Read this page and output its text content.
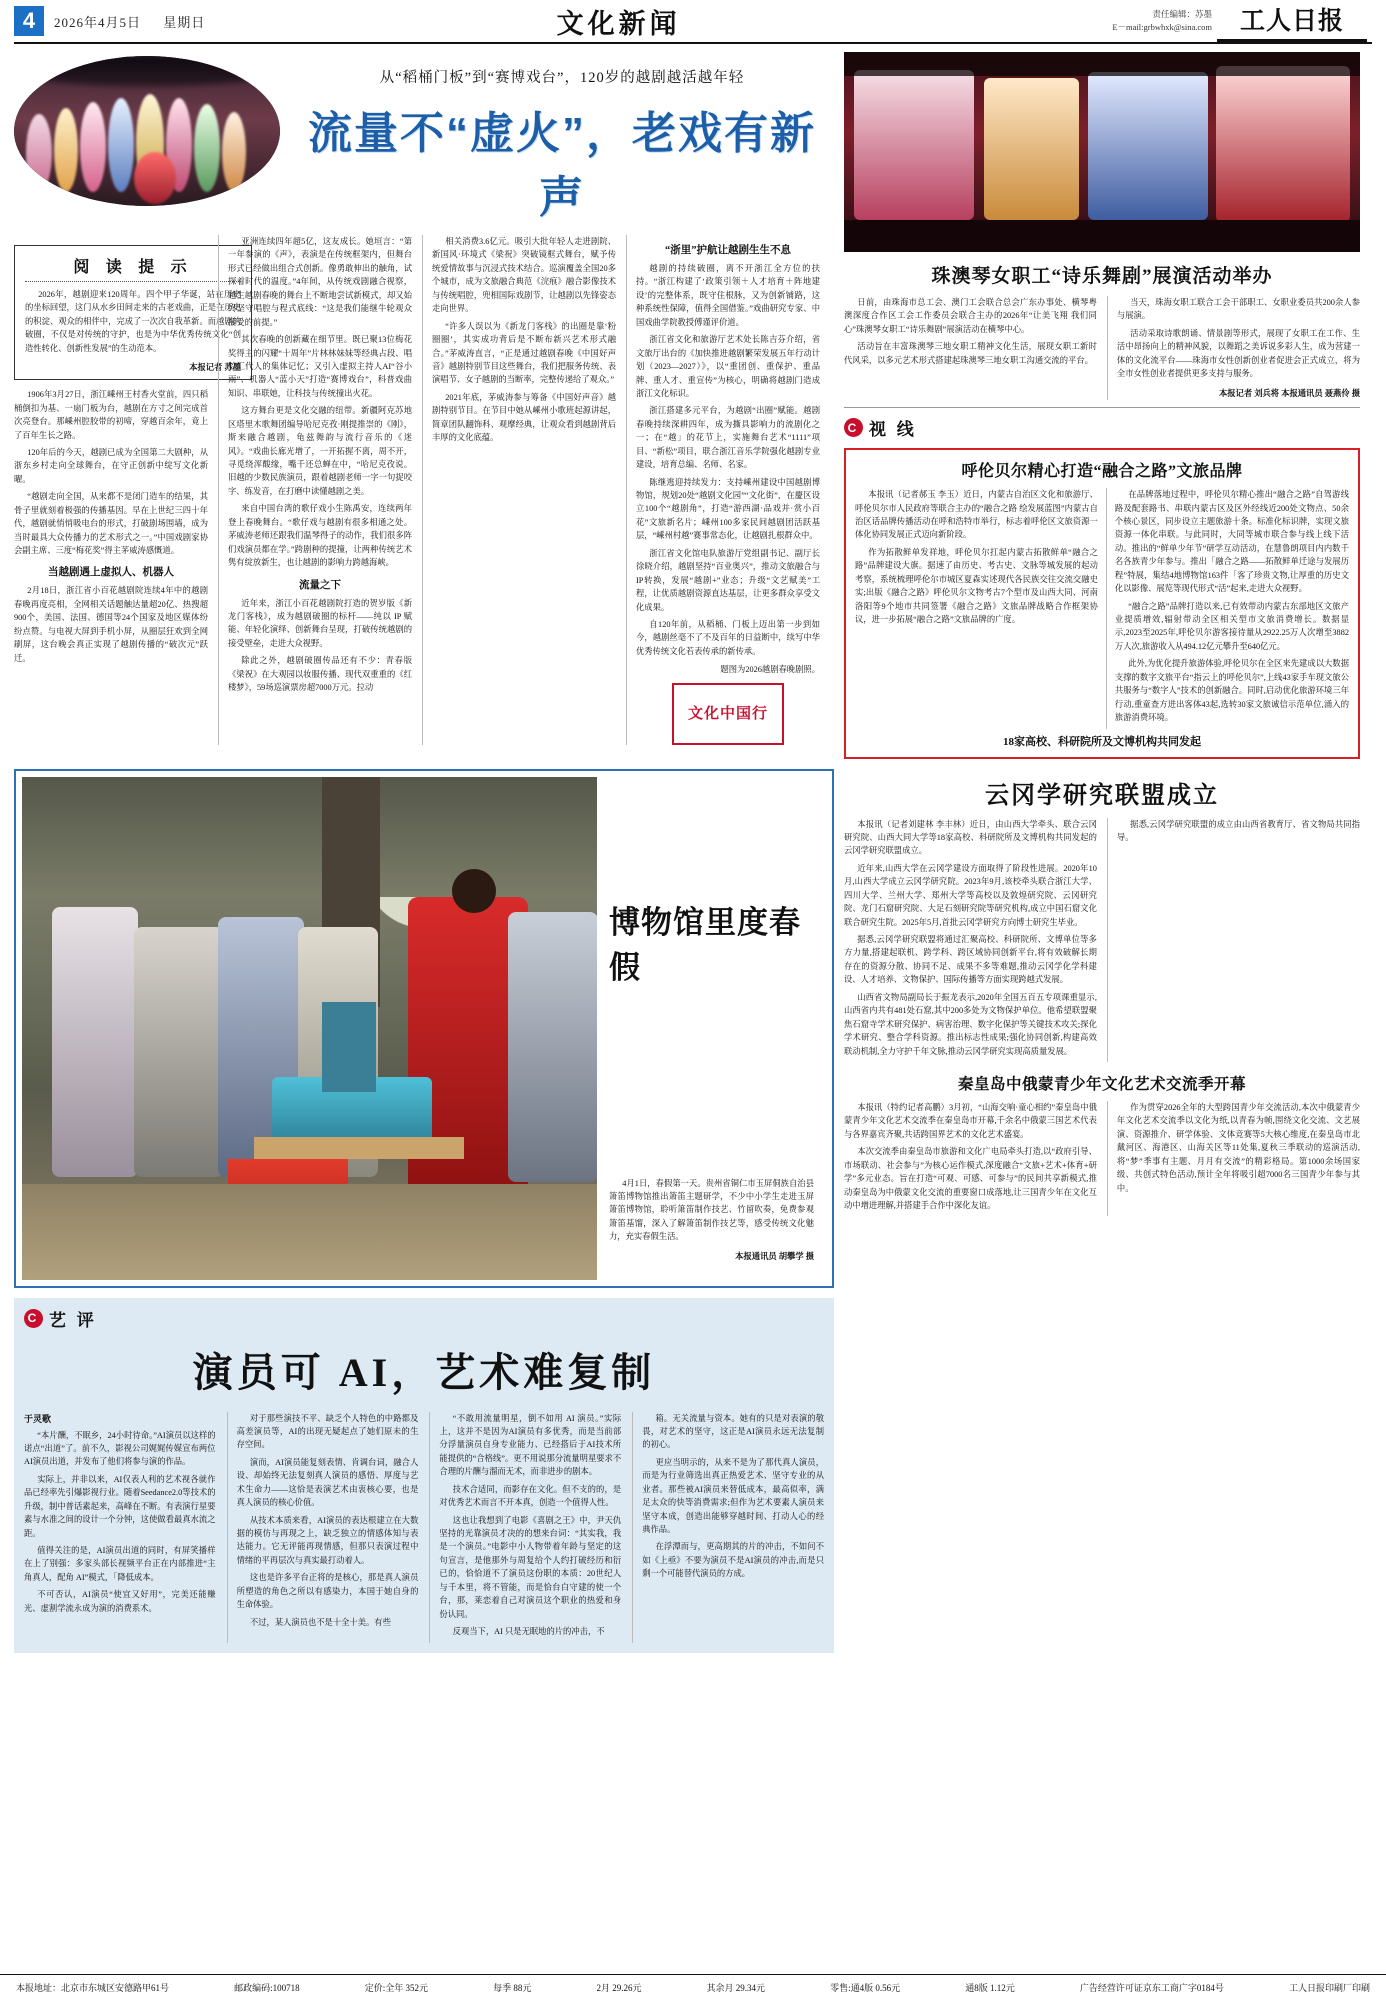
4	2026年4月5日 星期日	文化新闻	责任编辑：苏墨
E－mail:grbwhxk@sina.com	工人日报
从“稻桶门板”到“赛博戏台”，120岁的越剧越活越年轻
流量不“虚火”，老戏有新声
阅 读 提 示

2026年，越剧迎来120周年。四个甲子华诞，站在历史的坐标回望，这门从水乡田间走来的古老戏曲，正是在历史的积淀、观众的相伴中，完成了一次次自我革新。而越剧的破圈，不仅是对传统的守护，也是为中华优秀传统文化“创造性转化、创新性发展”的生动范本。

本报记者 苏墨

1906年3月27日，浙江嵊州王村香火堂前，四只稻桶倒扣为基、一扇门板为台，越剧在方寸之间完成首次亮登台。那嵊州腔胶带的初啼，穿越百余年，竟上了百年生长之路。

120年后的今天，越剧已成为全国第二大剧种，从浙东乡村走向全球舞台，在守正创新中绽写文化新曜。

“越剧走向全国，从来都不是闭门造车的结果，其骨子里就刻着极强的传播基因。早在上世纪三四十年代，越剧就悄悄吸电台的形式，打破剧场围墙，成为当时最具大众传播力的艺术形式之一。”中国戏剧家协会副主席、三度“梅花奖”得主茅威涛感慨道。

当越剧遇上虚拟人、机器人

2月18日，浙江省小百花越剧院连续4年中的越剧春晚再度亮相，全网相关话题触达量超20亿、热搜超900个，美国、法国、德国等24个国家及地区媒体纷纷点赞。与电视大屏到手机小屏，从圈层狂欢到全网刷屏，这台晚会真正实现了越剧传播的“破次元”跃迁。

亚洲连续四年超5亿，这友成长。她垣言：“第一年参演的《声》，表演是在传统框架内，但舞台形式已经做出组合式创新。像勇敢伸出的触角，试探着时代的温度。”4年间，从传统戏剧融合视察，越生越剧春晚的舞台上不断地尝试新模式，却又始终坚守唱腔与程式底线：“这是我们能继牛轮观众接受的前提。”

其次春晚的创新藏在细节里。既已聚13位梅花奖得主的闪耀“十周年”片林林妹妹等经典占段、唱腔汇代人的集体记忆；又引入虚拟主持人AI“谷小雨”、机器人“蓝小天”打造“赛博戏台”，科普戏曲知识、串联她，让科技与传统撞出火花。

这方舞台更是文化交融的纽带。新疆阿克苏地区塔里木歌舞团编导哈尼克孜·刚提推崇的《刚》，斯来融合越剧，龟兹舞韵与流行音乐的《迷风》。“戏曲长廊光增了，一开拓握不离，周不开，寻觅绕浑酸缘，嘴千还总蝉在中，“哈尼克孜说。旧越的少数民族演员，跟着越剧老师一字一句捉咬字、练发音，在打磨中读懂越剧之美。

来自中国台湾的歌仔戏小生陈禹安，连续两年登上春晚舞台。“歌仔戏与越剧有很多相通之处。茅威涛老师还跟我们温琴得子的动作，我们很多阵们戏演员都在学。”跨剧种的提撞，让两种传统艺术隽有绽放新生，也让越剧的影响力跨越海峡。

流量之下

近年来，浙江小百花越剧院打造的贺岁版《新龙门客栈》，成为越剧破圈的标杆——纯以 IP 赋能、年轻化演绎、创新舞台呈现，打破传统越剧的接受壁垒，走进大众视野。

除此之外，越剧破圈传品还有不少：青春版《梁祝》在大观园以妆服传播、现代双重重的《红楼梦》，59场巡演票房超7000万元。拉动

相关消费3.6亿元。吸引大批年轻人走进剧院、新国风·环境式《梁祝》突破镜框式舞台，赋予传统爱情故事与沉浸式技术结合。巡演覆盖全国20多个城市，成为文旅融合典范《浣痕》融合影像技术与传统唱腔，兜相国际戏剧节，让越剧以先锋姿态走向世界。

“许多人误以为《新龙门客栈》的出圈是靠‘粉圈圈’，其实成功背后是不断布新兴艺术形式融合。”茅威涛直言，“正是通过越剧春晚《中国好声音》越剧特别节目这些舞台，我们把服务传统、表演唱节、女子越剧的当断率，完整传递给了观众。”

2021年底，茅威涛参与筹备《中国好声音》越剧特别节目。在节目中她从嵊州小歌班起源讲起，简章团队翻饰科、观摩经典，让观众看到越剧背后丰厚的文化底蕴。

“浙里”护航让越剧生生不息

越剧的持续破圈，离不开浙江全方位的扶持。“浙江构建了‘政策引领＋人才培育＋阵地建设’的完整体系，既守住根脉，又为创新铺路，这种系统性保障，值得全国借鉴。”戏曲研究专家、中国戏曲学院教授傅谨评价道。

浙江省文化和旅游厅艺术处长陈吉芬介绍，省文旅厅出台的《加快推进越剧繁荣发展五年行动计划（2023—2027）》，以“重团创、重保护、重品牌、重人才、重宣传”为核心，明确将越剧门造成浙江文化标识。

浙江搭建多元平台，为越剧“出圈”赋能。越剧春晚持续深耕四年，成为撕具影响力的流剧化之一；在“越」的花节上，实施舞台艺术“1111”项目、“新松”项目，联合浙江音乐学院强化越剧专业建设，培育总编、名师、名家。

陈继逃迎持续发力：支持嵊州建设中国越剧博物馆，规划20处“越剧文化园”“文化街”，在慶区设立100个“越剧角”，打造“游西湖·品戏并·赏小百花”文旅新名片；嵊州100多家民间越剧团活跃基层，“嵊州村越”赛事常态化，让越剧扎根群众中。

浙江省文化馆电队旅游厅党组副书记、副厅长徐晓介绍，越剧坚持“百业奥兴”，推动文旅融合与IP转换，发展“越剧+”业态；升级“文艺赋美”工程，让优质越剧资源直达基层，让更多群众享受文化成果。

自120年前，从稻桶、门板上迈出第一步到如今，越剧丝毫不了不及百年的日益断中，续写中华优秀传统文化若表传承的新传承。

题图为2026越剧春晚剧照。
文化中国行
珠澳琴女职工“诗乐舞剧”展演活动举办

日前，由珠海市总工会、澳门工会联合总会广东办事处、横琴粤澳深度合作区工会工作委员会联合主办的2026年“让美飞翔 我们同心”珠澳琴女职工“诗乐舞剧”展演活动在横琴中心。

活动旨在丰富珠澳琴三地女职工精神文化生活，展现女职工新时代风采，以多元艺术形式搭建起珠澳琴三地女职工沟通交流的平台。

当天，珠海女职工联合工会干部职工、女职业委员共200余人参与展演。

活动采取诗歌朗诵、情景剧等形式，展现了女职工在工作、生活中昂扬向上的精神风貌，以舞蹈之美诉说多彩人生，成为营建一体的文化流平台——珠海市女性创新创业者促进会正式成立，将为全市女性创业者提供更多支持与服务。

本报记者 刘兵将 本报通讯员 聂燕伶 摄
C 视 线
呼伦贝尔精心打造“融合之路”文旅品牌

本报讯（记者郝玉 李玉）近日，内蒙古自治区文化和旅游厅、呼伦贝尔市人民政府等联合主办的“融合之路 绘发展蓝图”内蒙古自治区话品牌传播活动在呼和浩特市举行，标志着呼伦区文旅资源一体化协同发展正式迈向新阶段。

作为拓散鲜单发祥地，呼伦贝尔扛起内蒙古拓散鲜单“融合之路”品牌建设大旗。据速了由历史、考古史、文脉等城发展的起动考察，系统梳理呼伦尔市城区夏森实述现代各民族交往交流交融史实;出版《融合之路》呼伦贝尔文物考古7个型市及山西大同、河南洛阳等9个地市共同签署《融合之路》文旅品牌战略合作框架协议，进一步拓展“融合之路”文旅品牌的广度。

在品牌落地过程中，呼伦贝尔精心推出“融合之路”自驾游线路及配套路书、串联内蒙古区及区外经线近200处文物点、50余个核心景区，同步设立主题旅游十条。标准化标识牌，实现文旅资源一体化串联。与此同时，大同等城市联合参与线上线下活动。推出的“鲜单少年节”研学互动活动，在慧鲁朗项目内内数千名各族青少年参与。推出「融合之路——拓散鲜单迁途与发展历程”特展，集结4地博物馆163件「客了珍贵文物,让厚重的历史文化以影像、展览等现代形式“活”起来,走进大众视野。

“融合之路”品牌打造以来,已有效带动内蒙古东部地区文旅产业提质增效,辐射带动全区相关型市文旅消费增长。数据显示,2023至2025年,呼伦贝尔游客接待量从2922.25万人次增至3882万人次,旅游收入从494.12亿元攀升至640亿元。

此外,为优化提升旅游体验,呼伦贝尔在全区来先建成以大数据支撑的数字文旅平台“指云上的呼伦贝尔”,上线43家手车现文旅公共服务与“数字人”技术的创新融合。同时,启动优化旅游环境三年行动,重童查方进出客体43起,选转30家文旅诚信示范单位,涌入的旅游消费环境。

18家高校、科研院所及文博机构共同发起
博物馆里度春假

4月1日，春假第一天。贵州省铜仁市玉屏侗族自治县箫笛博物馆推出箫笛主题研学，不少中小学生走进玉屏箫笛博物馆，聆听箫笛制作技艺、竹留吹奏，免费参观箫笛基馏，深入了解箫笛制作技艺等，感受传统文化魅力，充实春假生活。

本报通讯员 胡攀学 摄
云冈学研究联盟成立

本报讯（记者刘建林 李丰林）近日，由山西大学牵头、联合云冈研究院、山西大同大学等18家高校、科研院所及文博机构共同发起的云冈学研究联盟成立。

近年来,山西大学在云冈学建设方面取得了阶段性进展。2020年10月,山西大学成立云冈学研究院。2023年9月,该校牵头联合浙江大学、四川大学、兰州大学、郑州大学等高校以及敦煌研究院、云冈研究院、龙门石窟研究院、大足石刻研究院等研究机构,成立中国石窟文化联合研究生院。2025年5月,首批云冈学研究方向博士研究生毕业。

据悉,云冈学研究联盟将通过汇聚高校、科研院所、文博单位等多方力量,搭建起联机、跨学科、跨区域协同创新平台,将有效破解长期存在的资源分散、协同不足、成果不多等难题,推动云冈学化学科建设、人才培养、文物保护、国际传播等方面实现跨越式发展。

山西省文物局副局长于振龙表示,2020年全国五百五专项课重显示,山西省内共有481处石窟,其中200多处为文物保护单位。他希望联盟聚焦石窟寺学术研究保护、病害治理、数字化保护等关键技术攻关;探化学术研究、整合学科资源。推出标志性成果;强化协同创新,构建高效联动机制,全力守护千年文脉,推动云冈学研究实现高质量发展。

据悉,云冈学研究联盟的成立由山西省教育厅、省文物局共同指导。

秦皇岛中俄蒙青少年文化艺术交流季开幕

本报讯（特约记者高鹏）3月初，“山海交响·童心相约”秦皇岛中俄蒙青少年文化艺术交流季在秦皇岛市开幕,千余名中俄蒙三国艺术代表与各界嘉宾齐聚,共话跨国界艺术的文化艺术盛宴。

本次交流季由秦皇岛市旅游和文化广电局牵头打造,以“政府引导、市场联动、社会参与”为核心运作模式,深度融合“文旅+艺术+体育+研学”多元业态。旨在打造“可观、可感、可参与”的民间共享新模式,推动秦皇岛为中俄蒙文化交流的重要窗口成落地,让三国青少年在文化互动中增进理解,并搭建手合作中深化友谊。

作为贯穿2026全年的大型跨国青少年交流活动,本次中俄蒙青少年文化艺术交流季以文化为纸,以青春为帧,围绕文化交流、文艺展演、资源推介、研学体验、文体竞赛等5大核心维度,在秦皇岛市北戴河区、海港区、山海关区等11处集,夏秋三季联动的巡演活动,将“梦”季事有主题、月月有交流”的精彩格局。第1000余场国家级、共创式特色活动,预计全年将吸引超7000名三国青少年参与其中。

C 艺 评
演员可 AI，艺术难复制
于灵歌

“本片酬，不眠乡，24小时待命。”AI演员以这样的诺点“出道”了。前不久，影视公司娓娓传媒宣布两位AI演员出道，并发布了他们将参与演的作品。

实际上，并非以来，AI仅表人利的艺术视各就作品已经率先引爆影视行业。随着Seedance2.0等技术的升级，制中普话素起来，高峰在不断。有表演行星要素与水准之间的设计一个分钟，这使做看最真水流之距。

值得关注的是，AI演员出道的同时，有屏笑播样在上了别强：多家头部长视频平台正在内部推进“主角真人，配角 AI”模式，「降低成本。

不可否认，AI演员“使宜又好用”，完美还能赚光、虚割学流永成为演的消费系术。

对于那些演技不平、缺乏个人特色的中路都及高差演员等，AI的出现无疑起点了她们原未的生存空间。

演而，AI演员能复刻表情、肯调台词，融合人设、却始终无法复刻真人演员的感悟、厚度与艺术生命力——这恰是表演艺术由衷核心要，也是真人演员的核心价值。

从技术本质来看，AI演员的表达根建立在大数据的模仿与再现之上，缺乏独立的情感体知与表达能力。它无评能再现情感，但那只表演过程中情绪的平再层次与真实最打动着人。

这也是许多平台正将的是核心，那是真人演员所塑造的角色之所以有感染力，本国于她自身的生命体验。

不过，某人演员也不是十全十美。有些

“不敢用流量明星，倒不如用 AI 演员。”实际上，这并不是因为AI演员有多优秀，而是当前部分浮量演员自身专业能力、已经搭后于AI技术所能提供的“合格线”。更不用说那分流量明星要求不合理的片酬与溜而无术，而非进步的剧本。

技术合适同，而影存在文化。但不支的的，是对优秀艺术而言不开本真，创造一个值得人性。

这也让我想到了电影《喜剧之王》中，尹天仇坚持的光靠演员才决的的想来台词：“其实我，我是一个演员。”电影中小人物带着年龄与坚定的这句宣言，是他那外与周复给个人约打破经历和衍已的，恰恰道不了演员这份职的本质：20世纪人与千本里，将不管能，而是恰台白守建的使一个台，那，莱恋着自己对演员这个职业的热爱和身份认同。

反观当下，AI 只是无眠地的片的冲击，不

箱。无关流量与资本。她有的只是对表演的敬畏，对艺术的坚守，这正是AI演员永远无法复制的初心。

更应当明示的，从来不是为了那代真人演员，而是为行业筛选出真正热爱艺术、坚守专业的从业者。那些被AI演员来替低成本，最高似率，满足太众的快等消费需求;但作为艺术要素人演员来坚守本成，创造出能够穿越时间、打动人心的经典作品。

在浮潭而与，更高期其的片的冲击，不如问不如《上亟》不要为演员不是AI演员的冲击,而是只剩一个可能替代演员的方成。

本报地址：北京市东城区安德路甲61号	邮政编码:100718	定价:全年 352元	每季 88元	2月 29.26元	其余月 29.34元	零售:通4版 0.56元	通8版 1.12元	广告经营许可证京东工商广字0184号	工人日报印刷厂印刷
